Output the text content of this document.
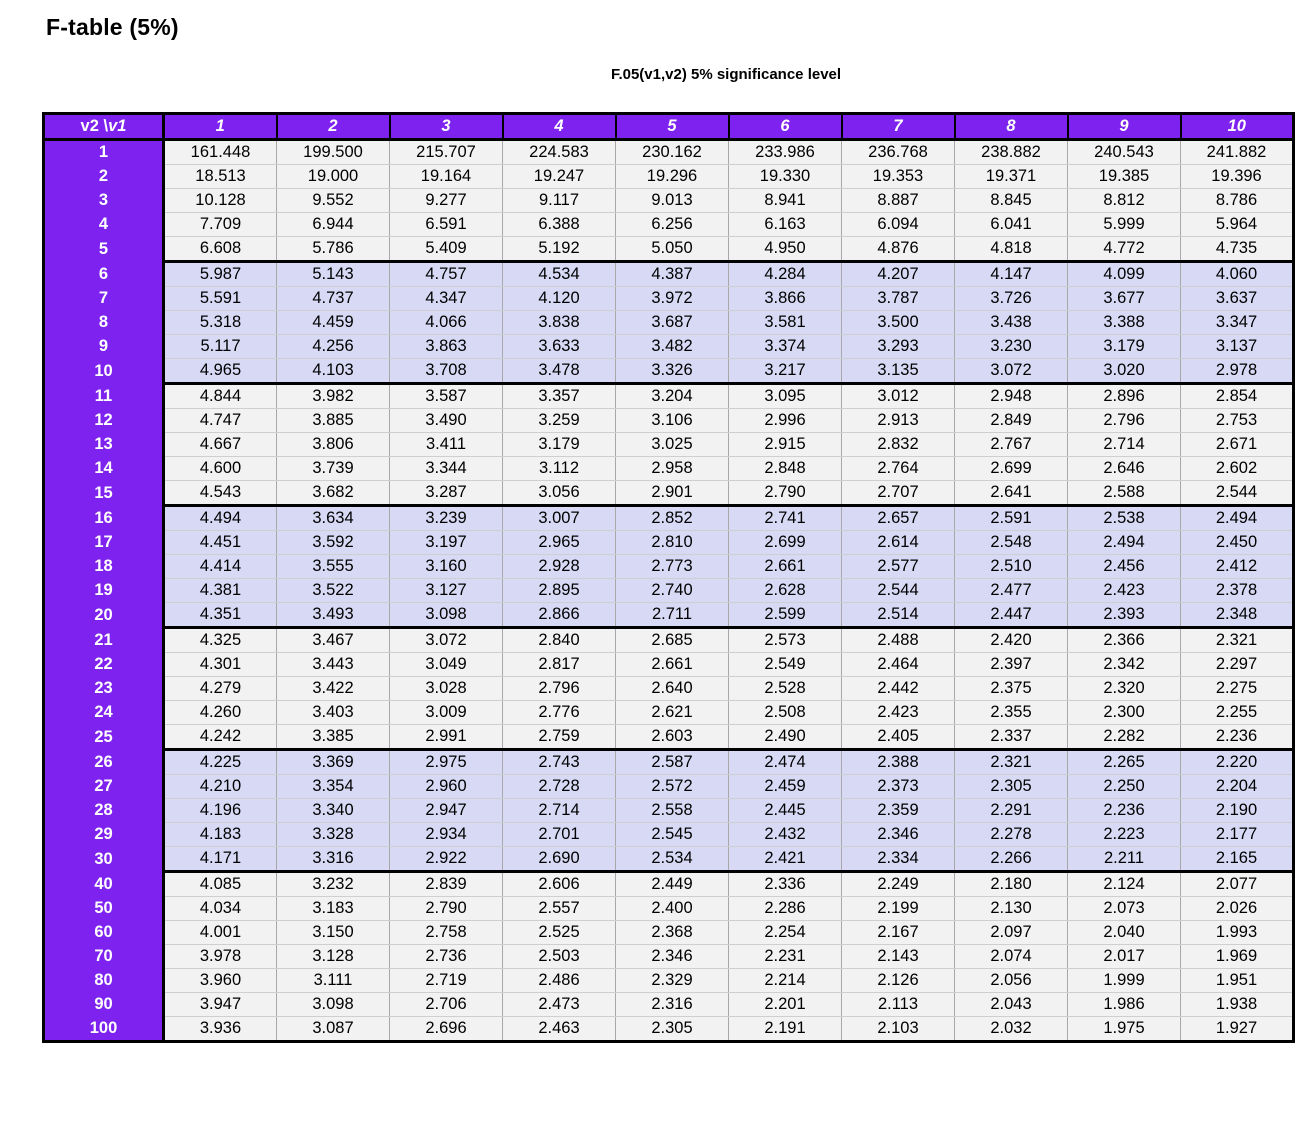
F-table (5%)
F.05(v1,v2) 5% significance level
v2 \v1	1	2	3	4	5	6	7	8	9	10
1	161.448	199.500	215.707	224.583	230.162	233.986	236.768	238.882	240.543	241.882
2	18.513	19.000	19.164	19.247	19.296	19.330	19.353	19.371	19.385	19.396
3	10.128	9.552	9.277	9.117	9.013	8.941	8.887	8.845	8.812	8.786
4	7.709	6.944	6.591	6.388	6.256	6.163	6.094	6.041	5.999	5.964
5	6.608	5.786	5.409	5.192	5.050	4.950	4.876	4.818	4.772	4.735
6	5.987	5.143	4.757	4.534	4.387	4.284	4.207	4.147	4.099	4.060
7	5.591	4.737	4.347	4.120	3.972	3.866	3.787	3.726	3.677	3.637
8	5.318	4.459	4.066	3.838	3.687	3.581	3.500	3.438	3.388	3.347
9	5.117	4.256	3.863	3.633	3.482	3.374	3.293	3.230	3.179	3.137
10	4.965	4.103	3.708	3.478	3.326	3.217	3.135	3.072	3.020	2.978
11	4.844	3.982	3.587	3.357	3.204	3.095	3.012	2.948	2.896	2.854
12	4.747	3.885	3.490	3.259	3.106	2.996	2.913	2.849	2.796	2.753
13	4.667	3.806	3.411	3.179	3.025	2.915	2.832	2.767	2.714	2.671
14	4.600	3.739	3.344	3.112	2.958	2.848	2.764	2.699	2.646	2.602
15	4.543	3.682	3.287	3.056	2.901	2.790	2.707	2.641	2.588	2.544
16	4.494	3.634	3.239	3.007	2.852	2.741	2.657	2.591	2.538	2.494
17	4.451	3.592	3.197	2.965	2.810	2.699	2.614	2.548	2.494	2.450
18	4.414	3.555	3.160	2.928	2.773	2.661	2.577	2.510	2.456	2.412
19	4.381	3.522	3.127	2.895	2.740	2.628	2.544	2.477	2.423	2.378
20	4.351	3.493	3.098	2.866	2.711	2.599	2.514	2.447	2.393	2.348
21	4.325	3.467	3.072	2.840	2.685	2.573	2.488	2.420	2.366	2.321
22	4.301	3.443	3.049	2.817	2.661	2.549	2.464	2.397	2.342	2.297
23	4.279	3.422	3.028	2.796	2.640	2.528	2.442	2.375	2.320	2.275
24	4.260	3.403	3.009	2.776	2.621	2.508	2.423	2.355	2.300	2.255
25	4.242	3.385	2.991	2.759	2.603	2.490	2.405	2.337	2.282	2.236
26	4.225	3.369	2.975	2.743	2.587	2.474	2.388	2.321	2.265	2.220
27	4.210	3.354	2.960	2.728	2.572	2.459	2.373	2.305	2.250	2.204
28	4.196	3.340	2.947	2.714	2.558	2.445	2.359	2.291	2.236	2.190
29	4.183	3.328	2.934	2.701	2.545	2.432	2.346	2.278	2.223	2.177
30	4.171	3.316	2.922	2.690	2.534	2.421	2.334	2.266	2.211	2.165
40	4.085	3.232	2.839	2.606	2.449	2.336	2.249	2.180	2.124	2.077
50	4.034	3.183	2.790	2.557	2.400	2.286	2.199	2.130	2.073	2.026
60	4.001	3.150	2.758	2.525	2.368	2.254	2.167	2.097	2.040	1.993
70	3.978	3.128	2.736	2.503	2.346	2.231	2.143	2.074	2.017	1.969
80	3.960	3.111	2.719	2.486	2.329	2.214	2.126	2.056	1.999	1.951
90	3.947	3.098	2.706	2.473	2.316	2.201	2.113	2.043	1.986	1.938
100	3.936	3.087	2.696	2.463	2.305	2.191	2.103	2.032	1.975	1.927
